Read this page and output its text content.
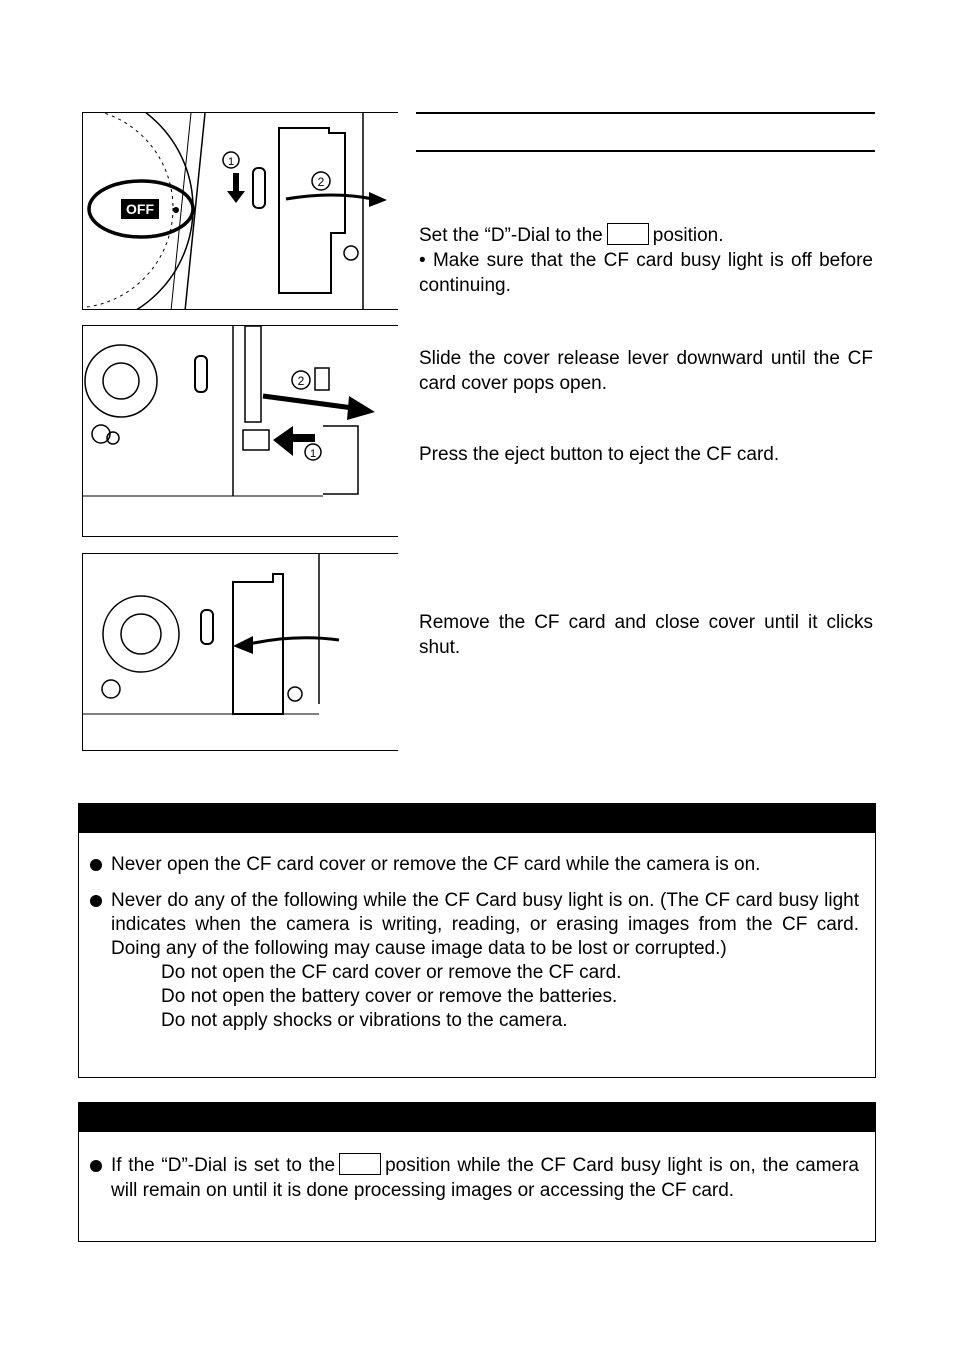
OFF
1
2
1
2
Set the “D”-Dial to the	position.
• Make sure that the CF card busy light is off before continuing.
Slide the cover release lever downward until the CF card cover pops open.
Press the eject button to eject the CF card.
Remove the CF card and close cover until it clicks shut.
Never open the CF card cover or remove the CF card while the camera is on.
Never do any of the following while the CF Card busy light is on. (The CF card busy light indicates when the camera is writing, reading, or erasing images from the CF card. Doing any of the following may cause image data to be lost or corrupted.)
Do not open the CF card cover or remove the CF card.
Do not open the battery cover or remove the batteries.
Do not apply shocks or vibrations to the camera.
If the “D”-Dial is set to the	position while the CF Card busy light is on, the camera will remain on until it is done processing images or accessing the CF card.
